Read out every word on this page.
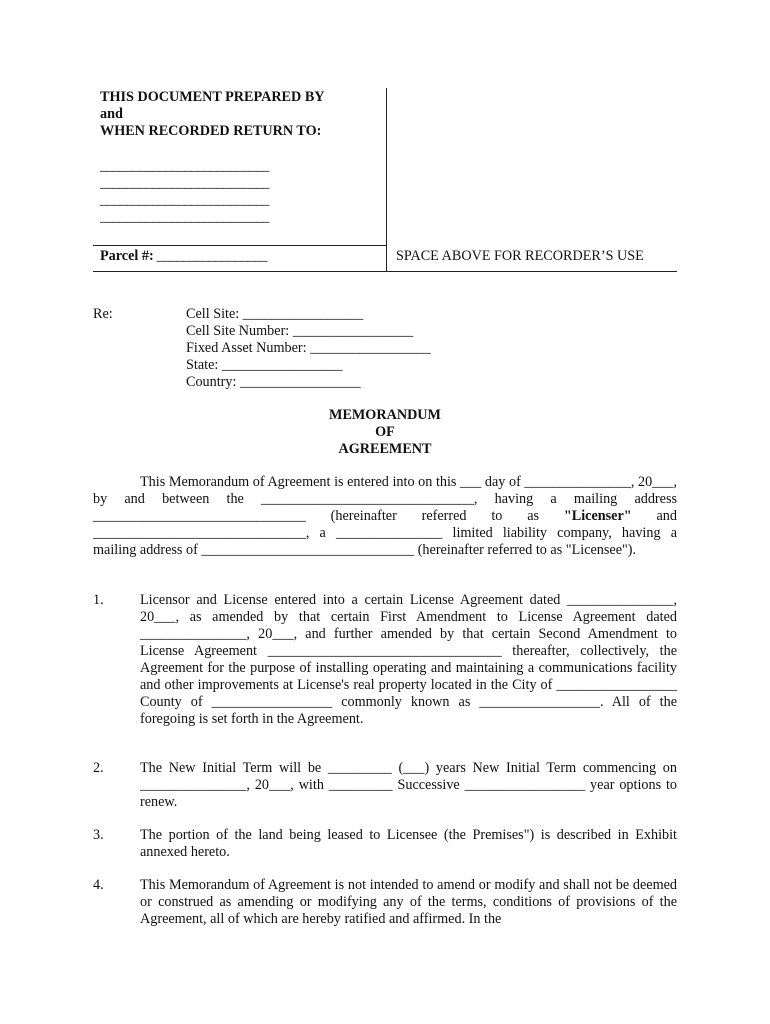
THIS DOCUMENT PREPARED BY
and
WHEN RECORDED RETURN TO:
__________________________
__________________________
__________________________
__________________________
Parcel #: _________________	SPACE ABOVE FOR RECORDER’S USE
Re:	Cell Site: _________________
Cell Site Number: _________________
Fixed Asset Number: _________________
State: _________________
Country: _________________
MEMORANDUM
OF
AGREEMENT
This Memorandum of Agreement is entered into on this ___ day of _______________, 20___, by and between the ______________________________, having a mailing address ______________________________ (hereinafter referred to as "Licenser" and ______________________________, a _______________ limited liability company, having a mailing address of ______________________________ (hereinafter referred to as "Licensee").
1.	Licensor and License entered into a certain License Agreement dated _______________, 20___, as amended by that certain First Amendment to License Agreement dated _______________, 20___, and further amended by that certain Second Amendment to License Agreement _________________________________ thereafter, collectively, the Agreement for the purpose of installing operating and maintaining a communications facility and other improvements at License's real property located in the City of _________________ County of _________________ commonly known as _________________. All of the foregoing is set forth in the Agreement.
2.	The New Initial Term will be _________ (___) years New Initial Term commencing on _______________, 20___, with _________ Successive _________________ year options to renew.
3.	The portion of the land being leased to Licensee (the Premises") is described in Exhibit annexed hereto.
4.	This Memorandum of Agreement is not intended to amend or modify and shall not be deemed or construed as amending or modifying any of the terms, conditions of provisions of the Agreement, all of which are hereby ratified and affirmed. In the
